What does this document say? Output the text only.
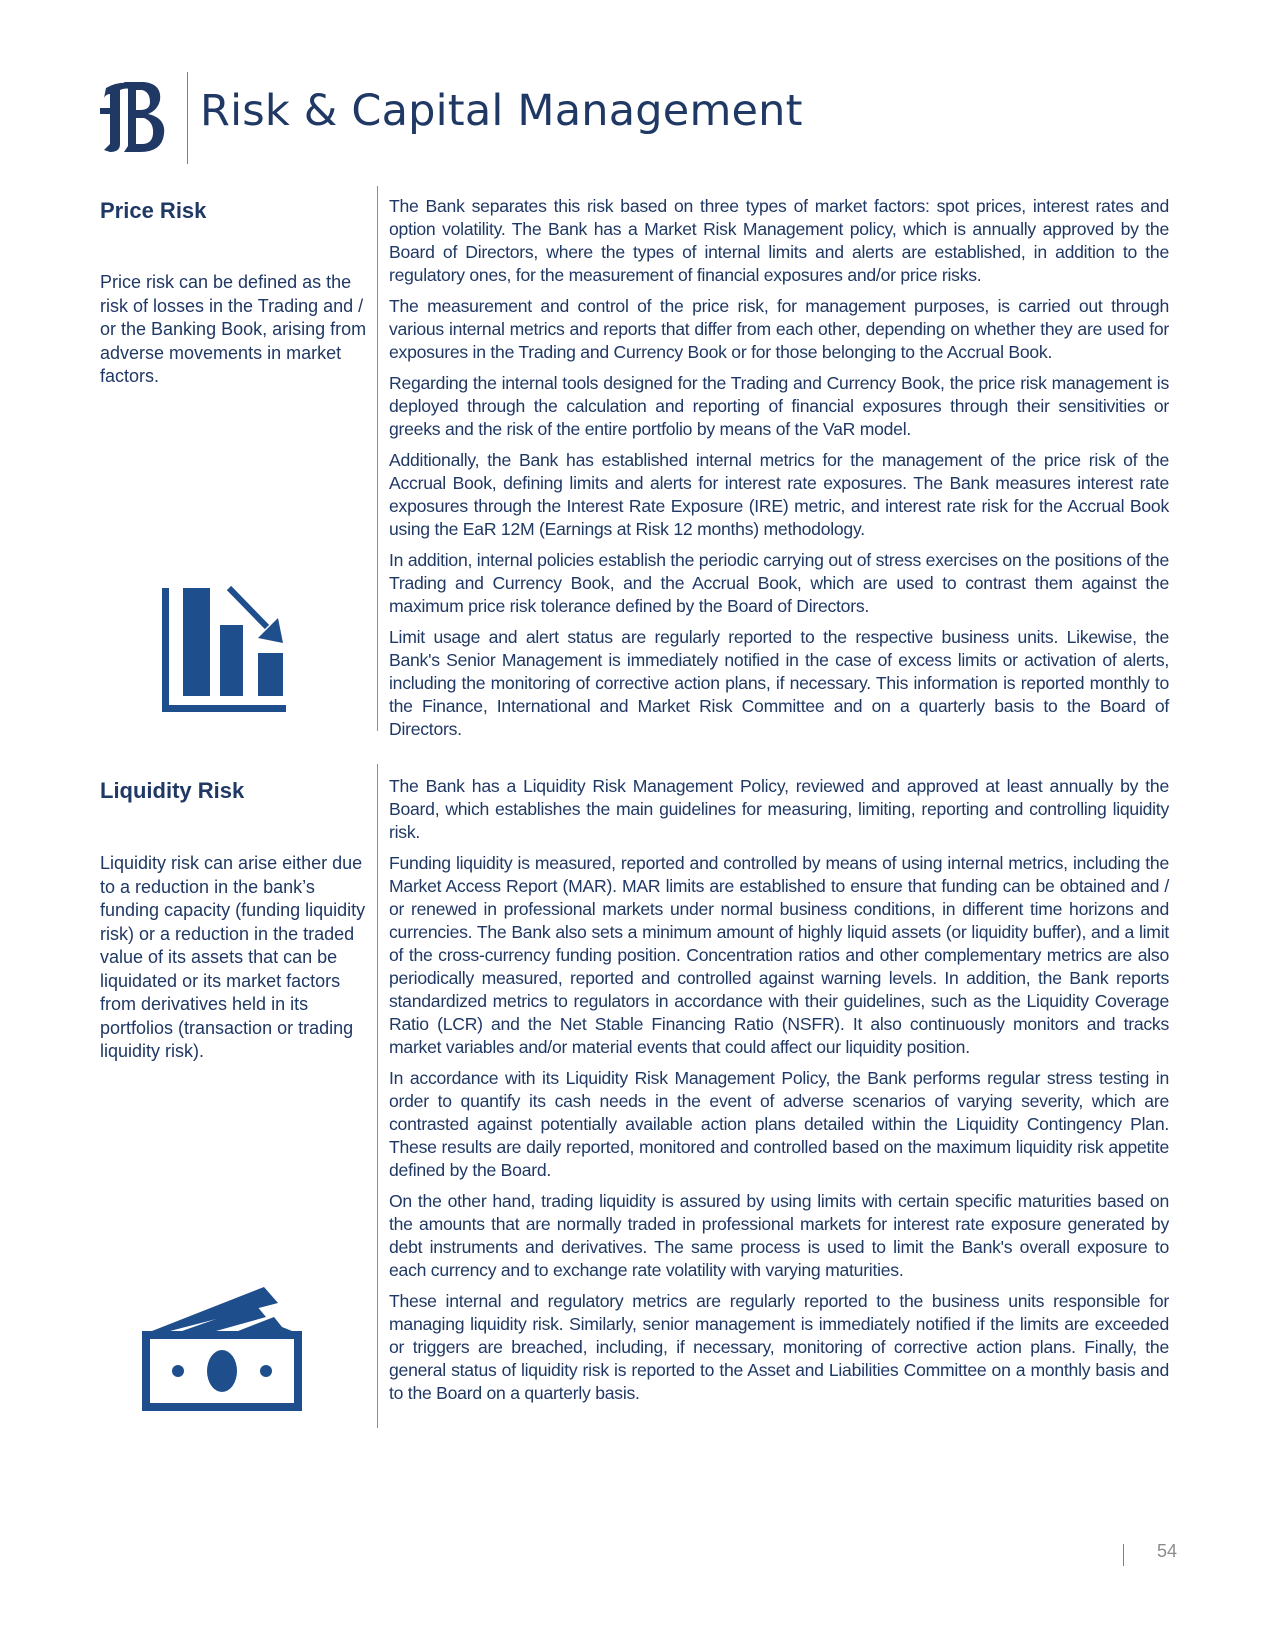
Risk & Capital Management
Price Risk

Price risk can be defined as the risk of losses in the Trading and / or the Banking Book, arising from adverse movements in market factors.

The Bank separates this risk based on three types of market factors: spot prices, interest rates and option volatility. The Bank has a Market Risk Management policy, which is annually approved by the Board of Directors, where the types of internal limits and alerts are established, in addition to the regulatory ones, for the measurement of financial exposures and/or price risks.

The measurement and control of the price risk, for management purposes, is carried out through various internal metrics and reports that differ from each other, depending on whether they are used for exposures in the Trading and Currency Book or for those belonging to the Accrual Book.

Regarding the internal tools designed for the Trading and Currency Book, the price risk management is deployed through the calculation and reporting of financial exposures through their sensitivities or greeks and the risk of the entire portfolio by means of the VaR model.

Additionally, the Bank has established internal metrics for the management of the price risk of the Accrual Book, defining limits and alerts for interest rate exposures. The Bank measures interest rate exposures through the Interest Rate Exposure (IRE) metric, and interest rate risk for the Accrual Book using the EaR 12M (Earnings at Risk 12 months) methodology.

In addition, internal policies establish the periodic carrying out of stress exercises on the positions of the Trading and Currency Book, and the Accrual Book, which are used to contrast them against the maximum price risk tolerance defined by the Board of Directors.

Limit usage and alert status are regularly reported to the respective business units. Likewise, the Bank's Senior Management is immediately notified in the case of excess limits or activation of alerts, including the monitoring of corrective action plans, if necessary. This information is reported monthly to the Finance, International and Market Risk Committee and on a quarterly basis to the Board of Directors.

Liquidity Risk

Liquidity risk can arise either due to a reduction in the bank’s funding capacity (funding liquidity risk) or a reduction in the traded value of its assets that can be liquidated or its market factors from derivatives held in its portfolios (transaction or trading liquidity risk).

The Bank has a Liquidity Risk Management Policy, reviewed and approved at least annually by the Board, which establishes the main guidelines for measuring, limiting, reporting and controlling liquidity risk.

Funding liquidity is measured, reported and controlled by means of using internal metrics, including the Market Access Report (MAR). MAR limits are established to ensure that funding can be obtained and / or renewed in professional markets under normal business conditions, in different time horizons and currencies. The Bank also sets a minimum amount of highly liquid assets (or liquidity buffer), and a limit of the cross-currency funding position. Concentration ratios and other complementary metrics are also periodically measured, reported and controlled against warning levels. In addition, the Bank reports standardized metrics to regulators in accordance with their guidelines, such as the Liquidity Coverage Ratio (LCR) and the Net Stable Financing Ratio (NSFR). It also continuously monitors and tracks market variables and/or material events that could affect our liquidity position.

In accordance with its Liquidity Risk Management Policy, the Bank performs regular stress testing in order to quantify its cash needs in the event of adverse scenarios of varying severity, which are contrasted against potentially available action plans detailed within the Liquidity Contingency Plan. These results are daily reported, monitored and controlled based on the maximum liquidity risk appetite defined by the Board.

On the other hand, trading liquidity is assured by using limits with certain specific maturities based on the amounts that are normally traded in professional markets for interest rate exposure generated by debt instruments and derivatives. The same process is used to limit the Bank's overall exposure to each currency and to exchange rate volatility with varying maturities.

These internal and regulatory metrics are regularly reported to the business units responsible for managing liquidity risk. Similarly, senior management is immediately notified if the limits are exceeded or triggers are breached, including, if necessary, monitoring of corrective action plans. Finally, the general status of liquidity risk is reported to the Asset and Liabilities Committee on a monthly basis and to the Board on a quarterly basis.

54
